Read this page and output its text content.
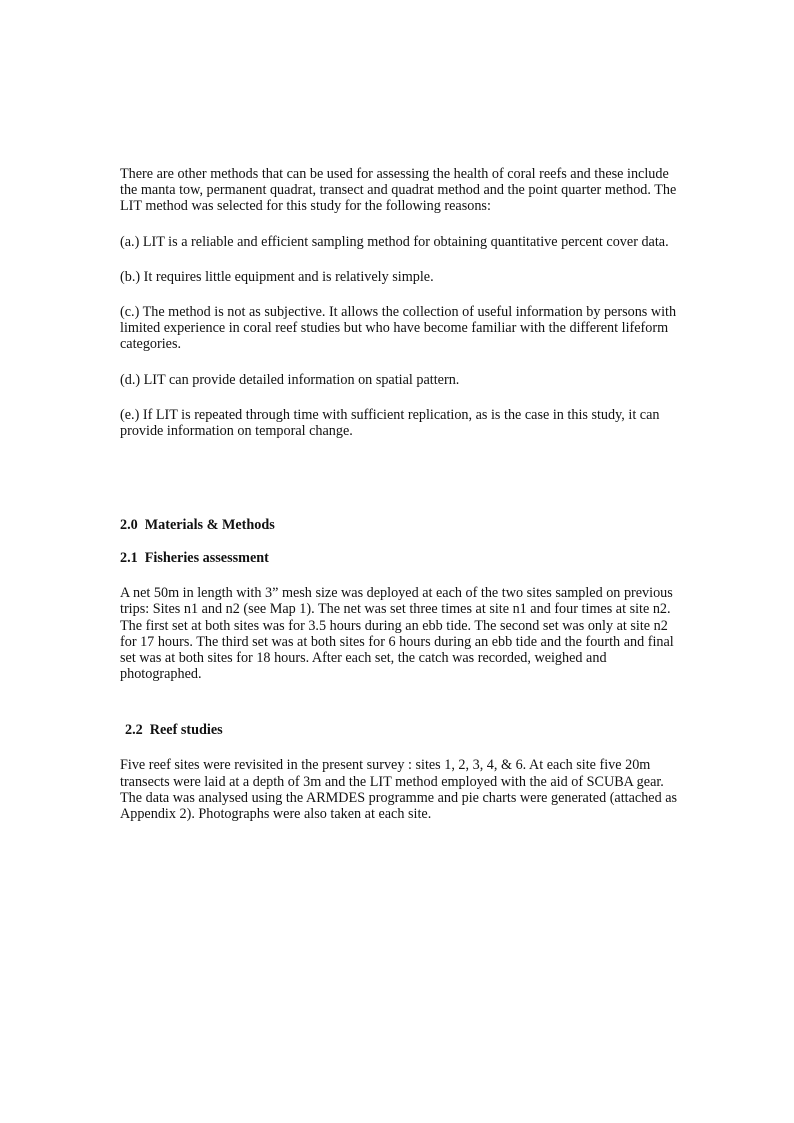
There are other methods that can be used for assessing the health of coral reefs and these include the manta tow, permanent quadrat, transect and quadrat method and the point quarter method. The LIT method was selected for this study for the following reasons:

(a.) LIT is a reliable and efficient sampling method for obtaining quantitative percent cover data.

(b.) It requires little equipment and is relatively simple.

(c.) The method is not as subjective. It allows the collection of useful information by persons with limited experience in coral reef studies but who have become familiar with the different lifeform categories.

(d.) LIT can provide detailed information on spatial pattern.

(e.) If LIT is repeated through time with sufficient replication, as is the case in this study, it can provide information on temporal change.

2.0 Materials & Methods
2.1 Fisheries assessment

A net 50m in length with 3” mesh size was deployed at each of the two sites sampled on previous trips: Sites n1 and n2 (see Map 1). The net was set three times at site n1 and four times at site n2. The first set at both sites was for 3.5 hours during an ebb tide. The second set was only at site n2 for 17 hours. The third set was at both sites for 6 hours during an ebb tide and the fourth and final set was at both sites for 18 hours. After each set, the catch was recorded, weighed and photographed.

2.2 Reef studies

Five reef sites were revisited in the present survey : sites 1, 2, 3, 4, & 6. At each site five 20m transects were laid at a depth of 3m and the LIT method employed with the aid of SCUBA gear. The data was analysed using the ARMDES programme and pie charts were generated (attached as Appendix 2). Photographs were also taken at each site.
